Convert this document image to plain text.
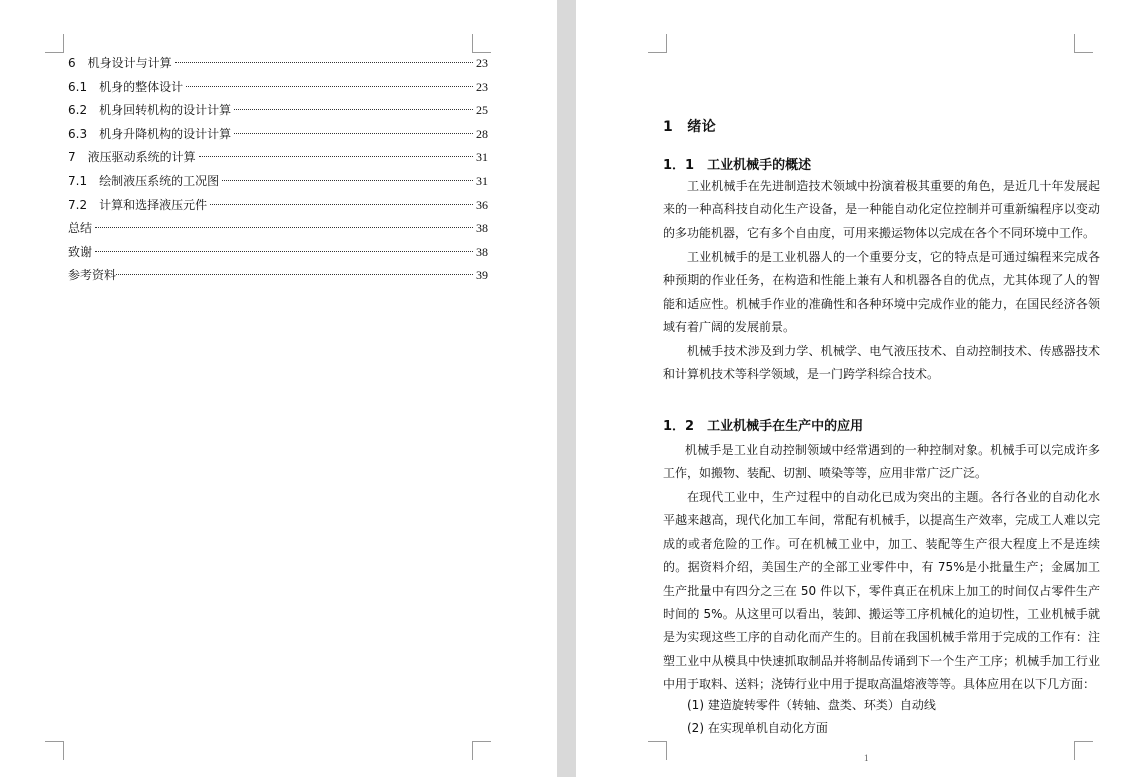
6 机身设计与计算	23
6.1 机身的整体设计	23
6.2 机身回转机构的设计计算	25
6.3 机身升降机构的设计计算	28
7 液压驱动系统的计算	31
7.1 绘制液压系统的工况图	31
7.2 计算和选择液压元件	36
总结	38
致谢	38
参考资料	39
1 绪论
1．1　工业机械手的概述

工业机械手在先进制造技术领域中扮演着极其重要的角色，是近几十年发展起来的一种高科技自动化生产设备，是一种能自动化定位控制并可重新编程序以变动的多功能机器，它有多个自由度，可用来搬运物体以完成在各个不同环境中工作。

工业机械手的是工业机器人的一个重要分支，它的特点是可通过编程来完成各种预期的作业任务，在构造和性能上兼有人和机器各自的优点，尤其体现了人的智能和适应性。机械手作业的准确性和各种环境中完成作业的能力，在国民经济各领域有着广阔的发展前景。

机械手技术涉及到力学、机械学、电气液压技术、自动控制技术、传感器技术和计算机技术等科学领域，是一门跨学科综合技术。

1．2　工业机械手在生产中的应用

机械手是工业自动控制领域中经常遇到的一种控制对象。机械手可以完成许多工作，如搬物、装配、切割、喷染等等，应用非常广泛广泛。

在现代工业中，生产过程中的自动化已成为突出的主题。各行各业的自动化水平越来越高，现代化加工车间，常配有机械手，以提高生产效率，完成工人难以完成的或者危险的工作。可在机械工业中，加工、装配等生产很大程度上不是连续的。据资料介绍，美国生产的全部工业零件中，有 75%是小批量生产；金属加工生产批量中有四分之三在 50 件以下，零件真正在机床上加工的时间仅占零件生产时间的 5%。从这里可以看出，装卸、搬运等工序机械化的迫切性，工业机械手就是为实现这些工序的自动化而产生的。目前在我国机械手常用于完成的工作有：注塑工业中从模具中快速抓取制品并将制品传诵到下一个生产工序；机械手加工行业中用于取料、送料；浇铸行业中用于提取高温熔液等等。具体应用在以下几方面：

(1) 建造旋转零件（转轴、盘类、环类）自动线
(2) 在实现单机自动化方面
1
